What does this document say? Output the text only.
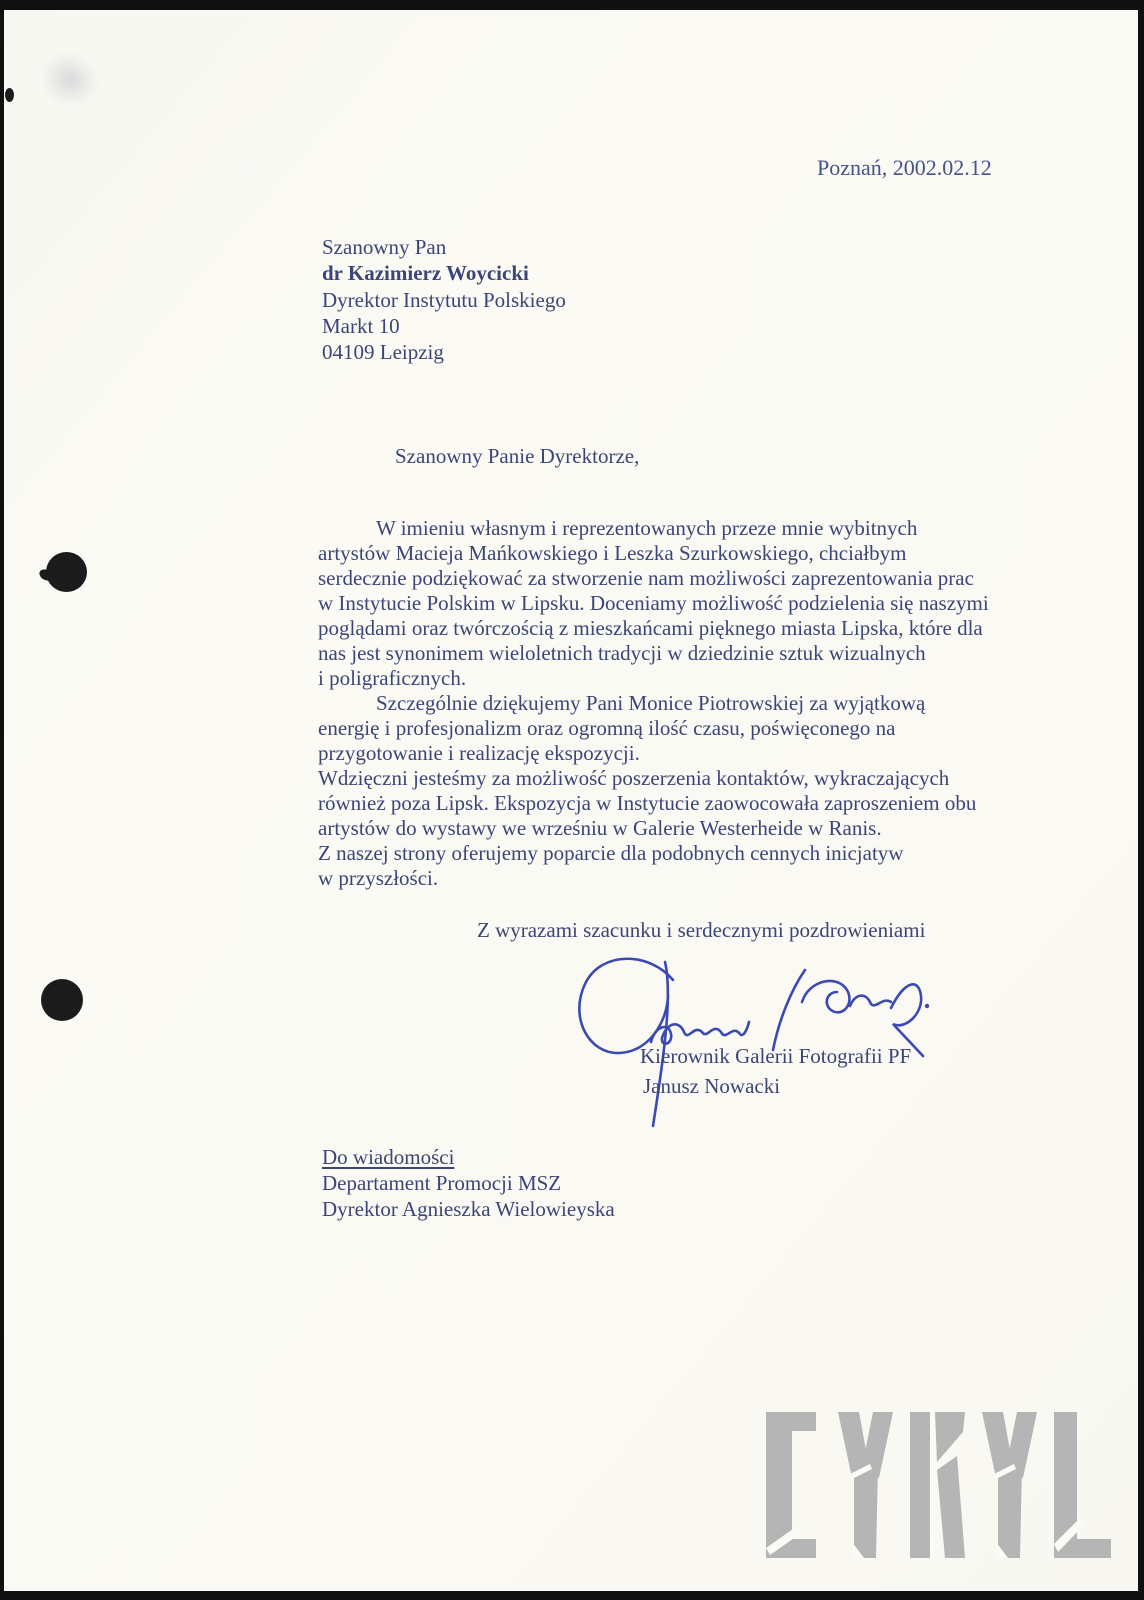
Poznań, 2002.02.12
Szanowny Pan
dr Kazimierz Woycicki
Dyrektor Instytutu Polskiego
Markt 10
04109 Leipzig
Szanowny Panie Dyrektorze,
W imieniu własnym i reprezentowanych przeze mnie wybitnych
artystów Macieja Mańkowskiego i Leszka Szurkowskiego, chciałbym
serdecznie podziękować za stworzenie nam możliwości zaprezentowania prac
w Instytucie Polskim w Lipsku. Doceniamy możliwość podzielenia się naszymi
poglądami oraz twórczością z mieszkańcami pięknego miasta Lipska, które dla
nas jest synonimem wieloletnich tradycji w dziedzinie sztuk wizualnych
i poligraficznych.
Szczególnie dziękujemy Pani Monice Piotrowskiej za wyjątkową
energię i profesjonalizm oraz ogromną ilość czasu, poświęconego na
przygotowanie i realizację ekspozycji.
Wdzięczni jesteśmy za możliwość poszerzenia kontaktów, wykraczających
również poza Lipsk. Ekspozycja w Instytucie zaowocowała zaproszeniem obu
artystów do wystawy we wrześniu w Galerie Westerheide w Ranis.
Z naszej strony oferujemy poparcie dla podobnych cennych inicjatyw
w przyszłości.
Z wyrazami szacunku i serdecznymi pozdrowieniami
Kierownik Galerii Fotografii PF
Janusz Nowacki
Do wiadomości
Departament Promocji MSZ
Dyrektor Agnieszka Wielowieyska
